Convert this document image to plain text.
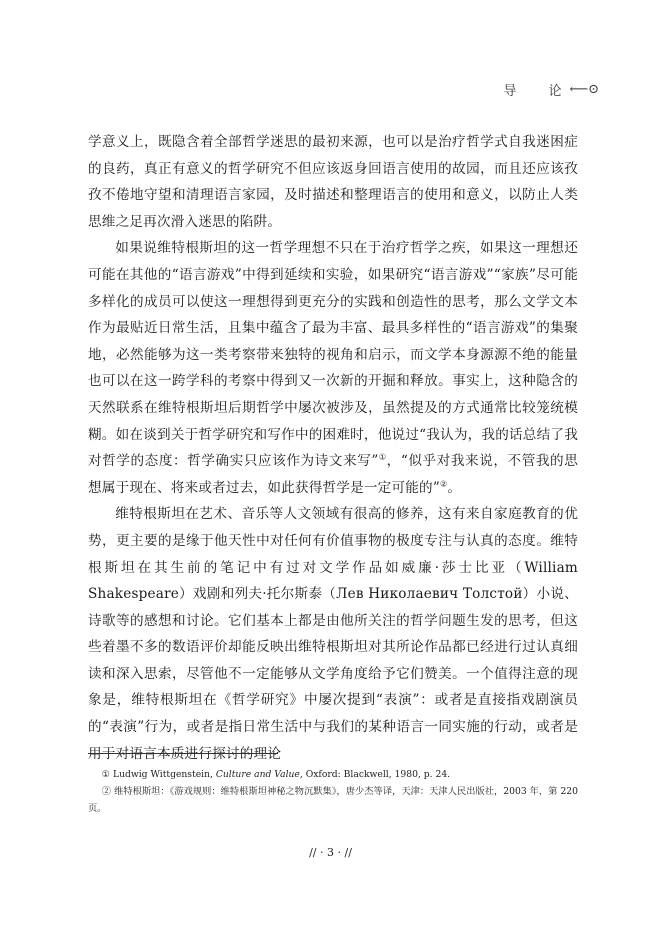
导 论
⟵⊙

学意义上，既隐含着全部哲学迷思的最初来源，也可以是治疗哲学式自我迷困症的良药，真正有意义的哲学研究不但应该返身回语言使用的故园，而且还应该孜孜不倦地守望和清理语言家园，及时描述和整理语言的使用和意义，以防止人类思维之足再次滑入迷思的陷阱。

如果说维特根斯坦的这一哲学理想不只在于治疗哲学之疾，如果这一理想还可能在其他的“语言游戏”中得到延续和实验，如果研究“语言游戏”“家族”尽可能多样化的成员可以使这一理想得到更充分的实践和创造性的思考，那么文学文本作为最贴近日常生活，且集中蕴含了最为丰富、最具多样性的“语言游戏”的集聚地，必然能够为这一类考察带来独特的视角和启示，而文学本身源源不绝的能量也可以在这一跨学科的考察中得到又一次新的开掘和释放。事实上，这种隐含的天然联系在维特根斯坦后期哲学中屡次被涉及，虽然提及的方式通常比较笼统模糊。如在谈到关于哲学研究和写作中的困难时，他说过“我认为，我的话总结了我对哲学的态度：哲学确实只应该作为诗文来写”①，“似乎对我来说，不管我的思想属于现在、将来或者过去，如此获得哲学是一定可能的”②。

维特根斯坦在艺术、音乐等人文领域有很高的修养，这有来自家庭教育的优势，更主要的是缘于他天性中对任何有价值事物的极度专注与认真的态度。维特根斯坦在其生前的笔记中有过对文学作品如威廉·莎士比亚（William Shakespeare）戏剧和列夫·托尔斯泰（Лев Николаевич Толстой）小说、诗歌等的感想和讨论。它们基本上都是由他所关注的哲学问题生发的思考，但这些着墨不多的数语评价却能反映出维特根斯坦对其所论作品都已经进行过认真细读和深入思索，尽管他不一定能够从文学角度给予它们赞美。一个值得注意的现象是，维特根斯坦在《哲学研究》中屡次提到“表演”：或者是直接指戏剧演员的“表演”行为，或者是指日常生活中与我们的某种语言一同实施的行动，或者是用于对语言本质进行探讨的理论

① Ludwig Wittgenstein, Culture and Value, Oxford: Blackwell, 1980, p. 24.

② 维特根斯坦：《游戏规则：维特根斯坦神秘之物沉默集》，唐少杰等译，天津：天津人民出版社，2003 年，第 220 页。

// · 3 · //
